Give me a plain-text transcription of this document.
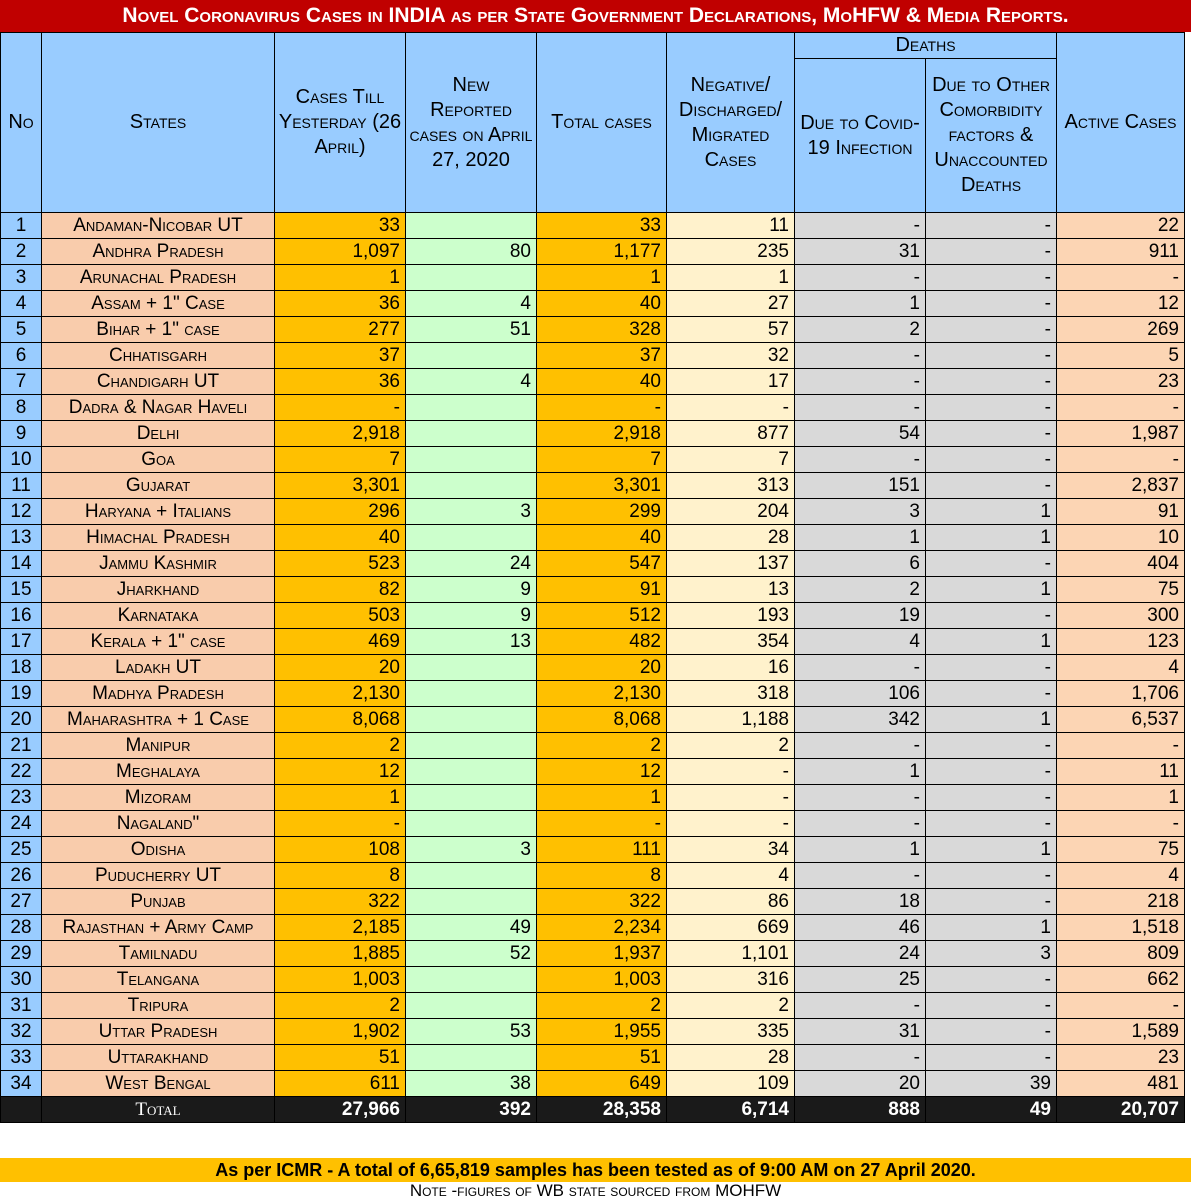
Novel Coronavirus Cases in INDIA as per State Government Declarations, MoHFW & Media Reports.
No	States	Cases Till Yesterday (26 April)	New Reported cases on April 27, 2020	Total cases	Negative/ Discharged/ Migrated Cases	Deaths		Active Cases
						Due to Covid-19 Infection	Due to Other Comorbidity factors & Unaccounted Deaths	
1	Andaman-Nicobar UT	33		33	11	-	-	22
2	Andhra Pradesh	1,097	80	1,177	235	31	-	911
3	Arunachal Pradesh	1		1	1	-	-	-
4	Assam + 1" Case	36	4	40	27	1	-	12
5	Bihar + 1" case	277	51	328	57	2	-	269
6	Chhatisgarh	37		37	32	-	-	5
7	Chandigarh UT	36	4	40	17	-	-	23
8	Dadra & Nagar Haveli	-		-	-	-	-	-
9	Delhi	2,918		2,918	877	54	-	1,987
10	Goa	7		7	7	-	-	-
11	Gujarat	3,301		3,301	313	151	-	2,837
12	Haryana + Italians	296	3	299	204	3	1	91
13	Himachal Pradesh	40		40	28	1	1	10
14	Jammu Kashmir	523	24	547	137	6	-	404
15	Jharkhand	82	9	91	13	2	1	75
16	Karnataka	503	9	512	193	19	-	300
17	Kerala + 1" case	469	13	482	354	4	1	123
18	Ladakh UT	20		20	16	-	-	4
19	Madhya Pradesh	2,130		2,130	318	106	-	1,706
20	Maharashtra + 1 Case	8,068		8,068	1,188	342	1	6,537
21	Manipur	2		2	2	-	-	-
22	Meghalaya	12		12	-	1	-	11
23	Mizoram	1		1	-	-	-	1
24	Nagaland"	-		-	-	-	-	-
25	Odisha	108	3	111	34	1	1	75
26	Puducherry UT	8		8	4	-	-	4
27	Punjab	322		322	86	18	-	218
28	Rajasthan + Army Camp	2,185	49	2,234	669	46	1	1,518
29	Tamilnadu	1,885	52	1,937	1,101	24	3	809
30	Telangana	1,003		1,003	316	25	-	662
31	Tripura	2		2	2	-	-	-
32	Uttar Pradesh	1,902	53	1,955	335	31	-	1,589
33	Uttarakhand	51		51	28	-	-	23
34	West Bengal	611	38	649	109	20	39	481
	Total	27,966	392	28,358	6,714	888	49	20,707
As per ICMR - A total of 6,65,819 samples has been tested as of 9:00 AM on 27 April 2020.
Note -figures of WB state sourced from MOHFW
